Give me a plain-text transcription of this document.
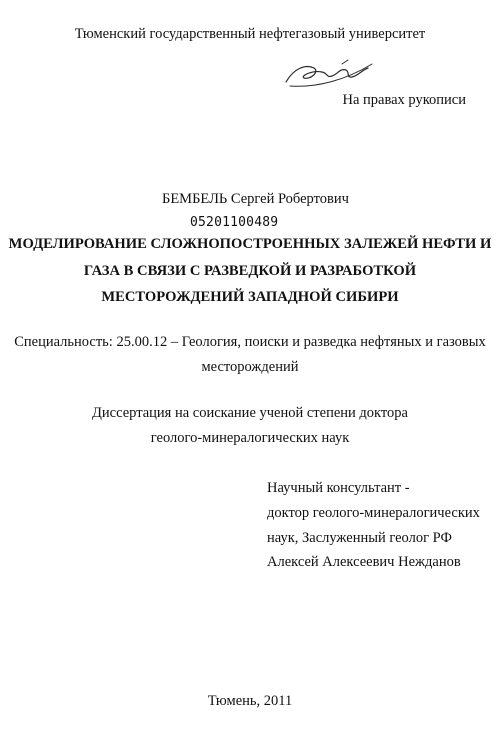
Тюменский государственный нефтегазовый университет
На правах рукописи
БЕМБЕЛЬ Сергей Робертович
05201100489
МОДЕЛИРОВАНИЕ СЛОЖНОПОСТРОЕННЫХ ЗАЛЕЖЕЙ НЕФТИ И
ГАЗА В СВЯЗИ С РАЗВЕДКОЙ И РАЗРАБОТКОЙ
МЕСТОРОЖДЕНИЙ ЗАПАДНОЙ СИБИРИ
Специальность: 25.00.12 – Геология, поиски и разведка нефтяных и газовых
месторождений
Диссертация на соискание ученой степени доктора
геолого-минералогических наук
Научный консультант -
доктор геолого-минералогических
наук, Заслуженный геолог РФ
Алексей Алексеевич Нежданов
Тюмень, 2011
